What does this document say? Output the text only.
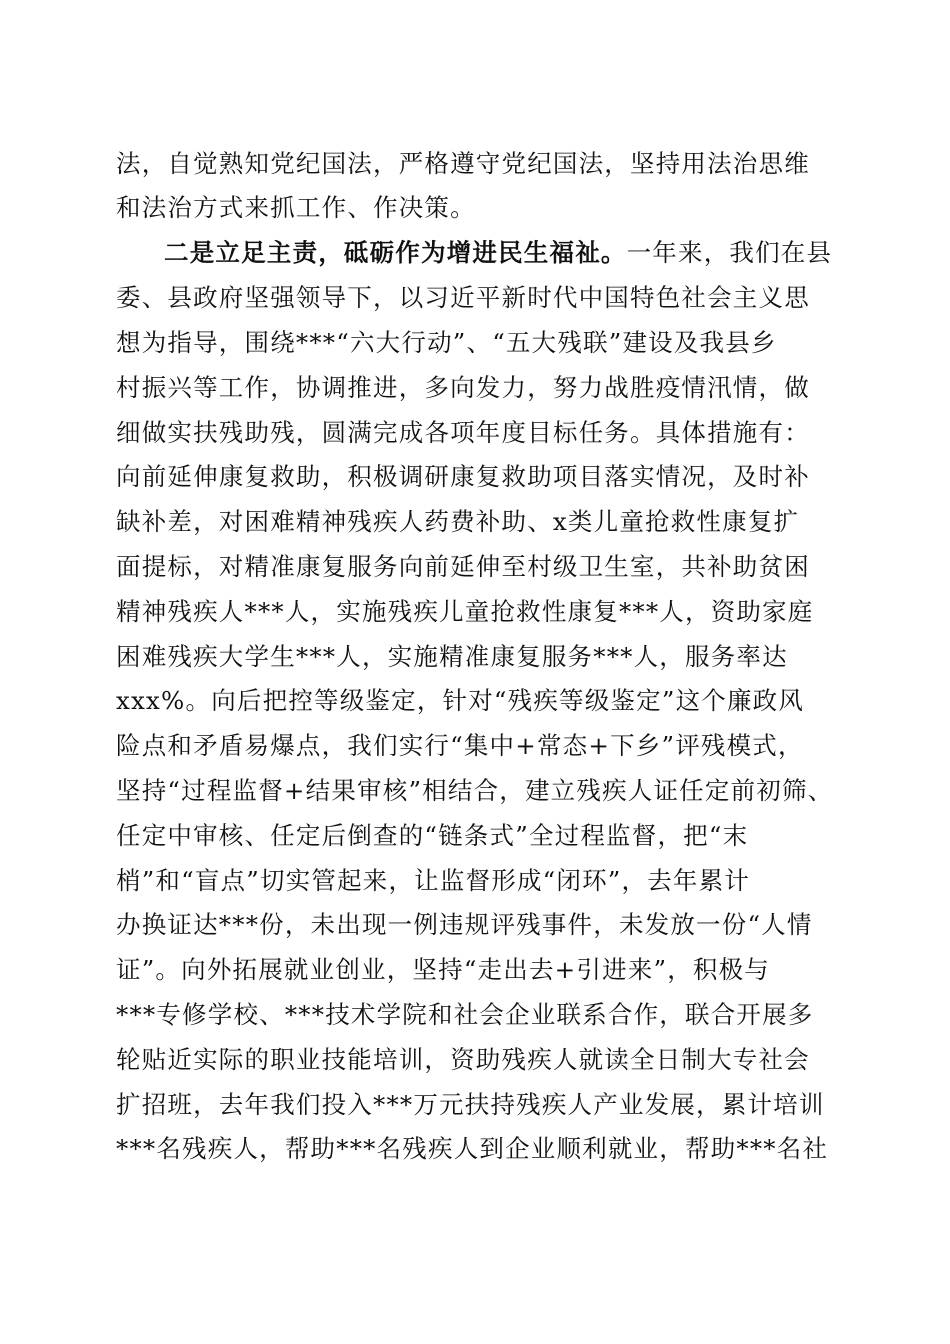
法，自觉熟知党纪国法，严格遵守党纪国法，坚持用法治思维
和法治方式来抓工作、作决策。
二是立足主责，砥砺作为增进民生福祉。一年来，我们在县
委、县政府坚强领导下，以习近平新时代中国特色社会主义思
想为指导，围绕***“六大行动”、“五大残联”建设及我县乡
村振兴等工作，协调推进，多向发力，努力战胜疫情汛情，做
细做实扶残助残，圆满完成各项年度目标任务。具体措施有：
向前延伸康复救助，积极调研康复救助项目落实情况，及时补
缺补差，对困难精神残疾人药费补助、x类儿童抢救性康复扩
面提标，对精准康复服务向前延伸至村级卫生室，共补助贫困
精神残疾人***人，实施残疾儿童抢救性康复***人，资助家庭
困难残疾大学生***人，实施精准康复服务***人，服务率达
xxx%。向后把控等级鉴定，针对“残疾等级鉴定”这个廉政风
险点和矛盾易爆点，我们实行“集中+常态+下乡”评残模式，
坚持“过程监督+结果审核”相结合，建立残疾人证任定前初筛、
任定中审核、任定后倒查的“链条式”全过程监督，把“末
梢”和“盲点”切实管起来，让监督形成“闭环”，去年累计
办换证达***份，未出现一例违规评残事件，未发放一份“人情
证”。向外拓展就业创业，坚持“走出去+引进来”，积极与
***专修学校、***技术学院和社会企业联系合作，联合开展多
轮贴近实际的职业技能培训，资助残疾人就读全日制大专社会
扩招班，去年我们投入***万元扶持残疾人产业发展，累计培训
***名残疾人，帮助***名残疾人到企业顺利就业，帮助***名社
